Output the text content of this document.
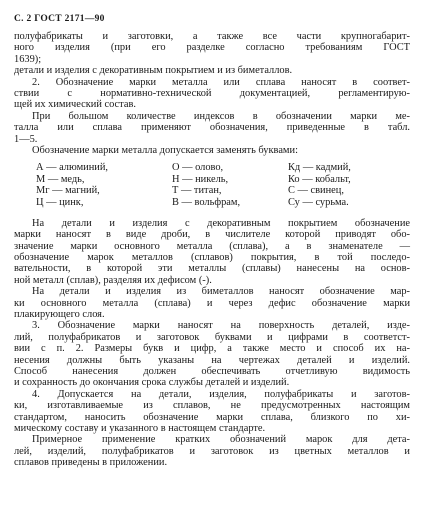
С. 2 ГОСТ 2171—90
полуфабрикаты и заготовки, а также все части крупногабарит-
ного изделия (при его разделке согласно требованиям ГОСТ
1639);
детали и изделия с декоративным покрытием и из биметаллов.
2. Обозначение марки металла или сплава наносят в соответ-
ствии с нормативно-технической документацией, регламентирую-
щей их химический состав.
При большом количестве индексов в обозначении марки ме-
талла или сплава применяют обозначения, приведенные в табл.
1—5.
Обозначение марки металла допускается заменять буквами:
А — алюминий,	О — олово,	Кд — кадмий,
М — медь,	Н — никель,	Ко — кобальт,
Мг — магний,	Т — титан,	С — свинец,
Ц — цинк,	В — вольфрам,	Су — сурьма.
На детали и изделия с декоративным покрытием обозначение
марки наносят в виде дроби, в числителе которой приводят обо-
значение марки основного металла (сплава), а в знаменателе —
обозначение марок металлов (сплавов) покрытия, в той последо-
вательности, в которой эти металлы (сплавы) нанесены на основ-
ной металл (сплав), разделяя их дефисом (-).
На детали и изделия из биметаллов наносят обозначение мар-
ки основного металла (сплава) и через дефис обозначение марки
плакирующего слоя.
3. Обозначение марки наносят на поверхность деталей, изде-
лий, полуфабрикатов и заготовок буквами и цифрами в соответст-
вии с п. 2. Размеры букв и цифр, а также место и способ их на-
несения должны быть указаны на чертежах деталей и изделий.
Способ нанесения должен обеспечивать отчетливую видимость
и сохранность до окончания срока службы деталей и изделий.
4. Допускается на детали, изделия, полуфабрикаты и заготов-
ки, изготавливаемые из сплавов, не предусмотренных настоящим
стандартом, наносить обозначение марки сплава, близкого по хи-
мическому составу и указанного в настоящем стандарте.
Примерное применение кратких обозначений марок для дета-
лей, изделий, полуфабрикатов и заготовок из цветных металлов и
сплавов приведены в приложении.
